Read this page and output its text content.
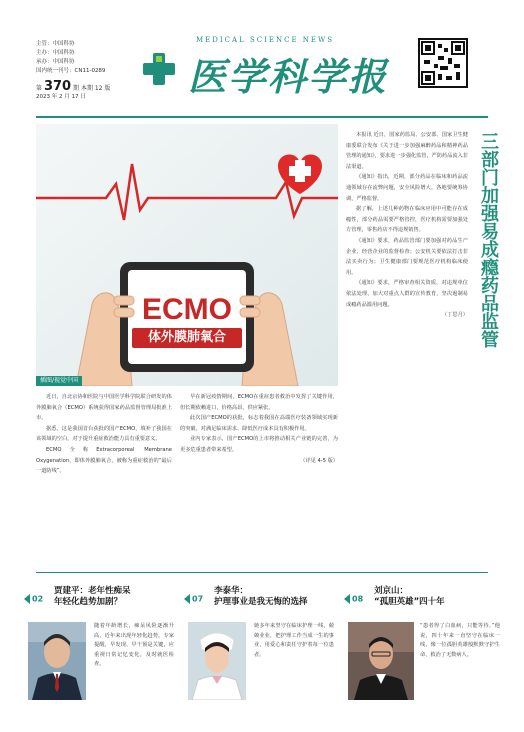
主管：中国科协
主办：中国科协
承办：中国科协
国内统一刊号：CN11-0289
第 370 期 本期 12 版
2023 年 2 月 17 日
MEDICAL SCIENCE NEWS
医学科学报
ECMO
体外膜肺氧合
插图/视觉中国
三部门加强易成瘾药品监管

本报讯 近日，国家药监局、公安部、国家卫生健康委联合发布《关于进一步加强麻醉药品和精神药品管理的通知》，要求进一步强化监管，严防药品流入非法渠道。

《通知》指出，近期，部分药品在临床和药品流通领域存在流弊问题，安全风险增大。各地要统筹协调，严格监督。

据了解，上述几种药物在临床应用中可能存在成瘾性，部分药品需要严格管控，医疗机构需要加强处方管理，零售药店不得违规销售。

《通知》要求，药品监管部门要加强对药品生产企业、经营企业的监督检查；公安机关要依法打击非法买卖行为；卫生健康部门要规范医疗机构临床使用。

《通知》要求，严格审查相关资质，对违规单位依法处理，加大对重点人群的宣传教育，坚决遏制易成瘾药品滥用问题。

（丁思月）

近日，自北京协和医院与中国医学科学院联合研发的体外膜肺氧合（ECMO）系统获得国家药品监督管理局批准上市。

据悉，这是我国首台获批的国产ECMO，填补了我国在该领域的空白，对于提升重症救治能力具有重要意义。

ECMO全称Extracorporeal Membrane Oxygenation，即体外膜肺氧合，被称为重症救治的“最后一道防线”。

早在新冠疫情期间，ECMO在重症患者救治中发挥了关键作用，但长期依赖进口，价格高昂，供应紧张。

此次国产ECMO的获批，标志着我国在高端医疗装备领域实现新的突破，对满足临床需求、降低医疗成本具有积极作用。

业内专家表示，国产ECMO的上市将推动相关产业链的完善，为更多危重患者带来希望。

（详见 4-5 版）

02
贾建平：老年性痴呆
年轻化趋势加剧？
随着年龄增长，痴呆风险逐渐升高，近年来出现年轻化趋势。专家提醒，早发现、早干预是关键，应重视日常记忆变化，及时就医检查。
07
李泰华：
护理事业是我无悔的选择
她多年来坚守在临床护理一线，兢兢业业，把护理工作当成一生的事业，用爱心和责任守护着每一位患者。
08
刘京山：
“孤胆英雄”四十年
“患者得了白血病，只能等待。”他说，四十年来一直坚守在临床一线，像一位孤胆英雄般默默守护生命，救治了无数病人。
